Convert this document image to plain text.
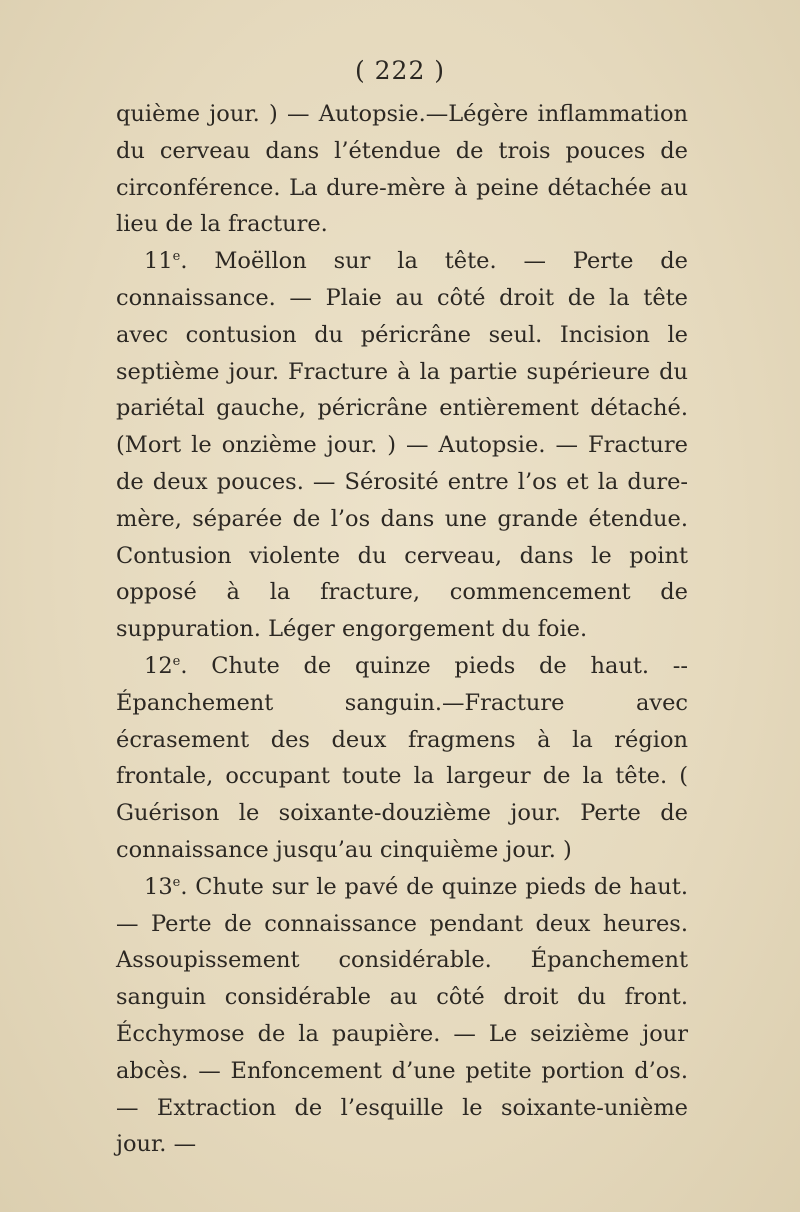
( 222 )

quième jour. ) — Autopsie.—Légère inflammation du cerveau dans l’étendue de trois pouces de circonférence. La dure-mère à peine détachée au lieu de la fracture.

11e. Moëllon sur la tête. — Perte de connaissance. — Plaie au côté droit de la tête avec contusion du péricrâne seul. Incision le septième jour. Fracture à la partie supérieure du pariétal gauche, péricrâne entièrement détaché. (Mort le onzième jour. ) — Autopsie. — Fracture de deux pouces. — Sérosité entre l’os et la dure-mère, séparée de l’os dans une grande étendue. Contusion violente du cerveau, dans le point opposé à la fracture, commencement de suppuration. Léger engorgement du foie.

12e. Chute de quinze pieds de haut. -- Épanchement sanguin.—Fracture avec écrasement des deux fragmens à la région frontale, occupant toute la largeur de la tête. ( Guérison le soixante-douzième jour. Perte de connaissance jusqu’au cinquième jour. )

13e. Chute sur le pavé de quinze pieds de haut. — Perte de connaissance pendant deux heures. Assoupissement considérable. Épanchement sanguin considérable au côté droit du front. Écchymose de la paupière. — Le seizième jour abcès. — Enfoncement d’une petite portion d’os. — Extraction de l’esquille le soixante-unième jour. —
